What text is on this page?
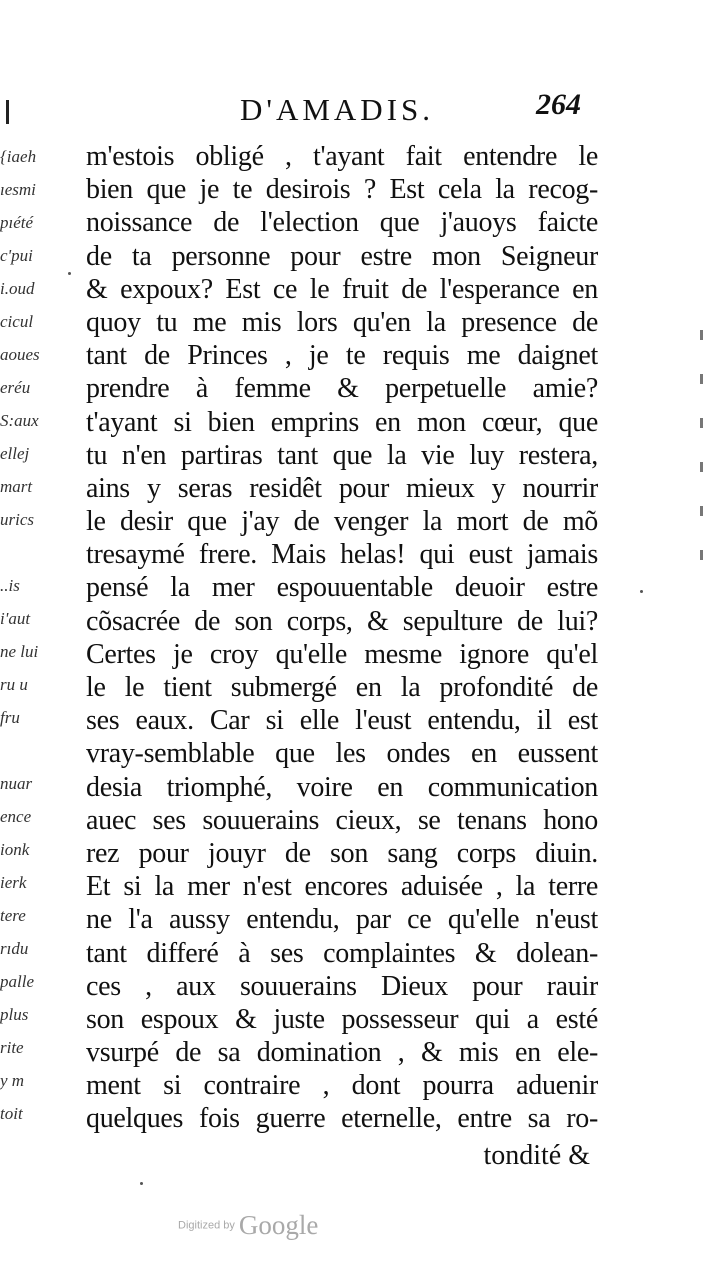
{iaeh
ıesmi
pıété
c'pui
i.oud
cicul
aoues
eréu
S:aux
ellej
mart
urics
..is
i'aut
ne lui
ru u
fru
nuar
ence
ionk
ierk
tere
rıdu
palle
plus
rite
y m
toit
D'AMADIS.	264
m'estois obligé , t'ayant fait entendre le
bien que je te desirois ? Est cela la recog-
noissance de l'election que j'auoys faicte
de ta personne pour estre mon Seigneur
& expoux? Est ce le fruit de l'esperance en
quoy tu me mis lors qu'en la presence de
tant de Princes , je te requis me daignet
prendre à femme & perpetuelle amie?
t'ayant si bien emprins en mon cœur, que
tu n'en partiras tant que la vie luy restera,
ains y seras residêt pour mieux y nourrir
le desir que j'ay de venger la mort de mõ
tresaymé frere. Mais helas! qui eust jamais
pensé la mer espouuentable deuoir estre
cõsacrée de son corps, & sepulture de lui?
Certes je croy qu'elle mesme ignore qu'el
le le tient submergé en la profondité de
ses eaux. Car si elle l'eust entendu, il est
vray-semblable que les ondes en eussent
desia triomphé, voire en communication
auec ses souuerains cieux, se tenans hono
rez pour jouyr de son sang corps diuin.
Et si la mer n'est encores aduisée , la terre
ne l'a aussy entendu, par ce qu'elle n'eust
tant differé à ses complaintes & dolean-
ces , aux souuerains Dieux pour rauir
son espoux & juste possesseur qui a esté
vsurpé de sa domination , & mis en ele-
ment si contraire , dont pourra aduenir
quelques fois guerre eternelle, entre sa ro-
tondité &
Digitized by Google
